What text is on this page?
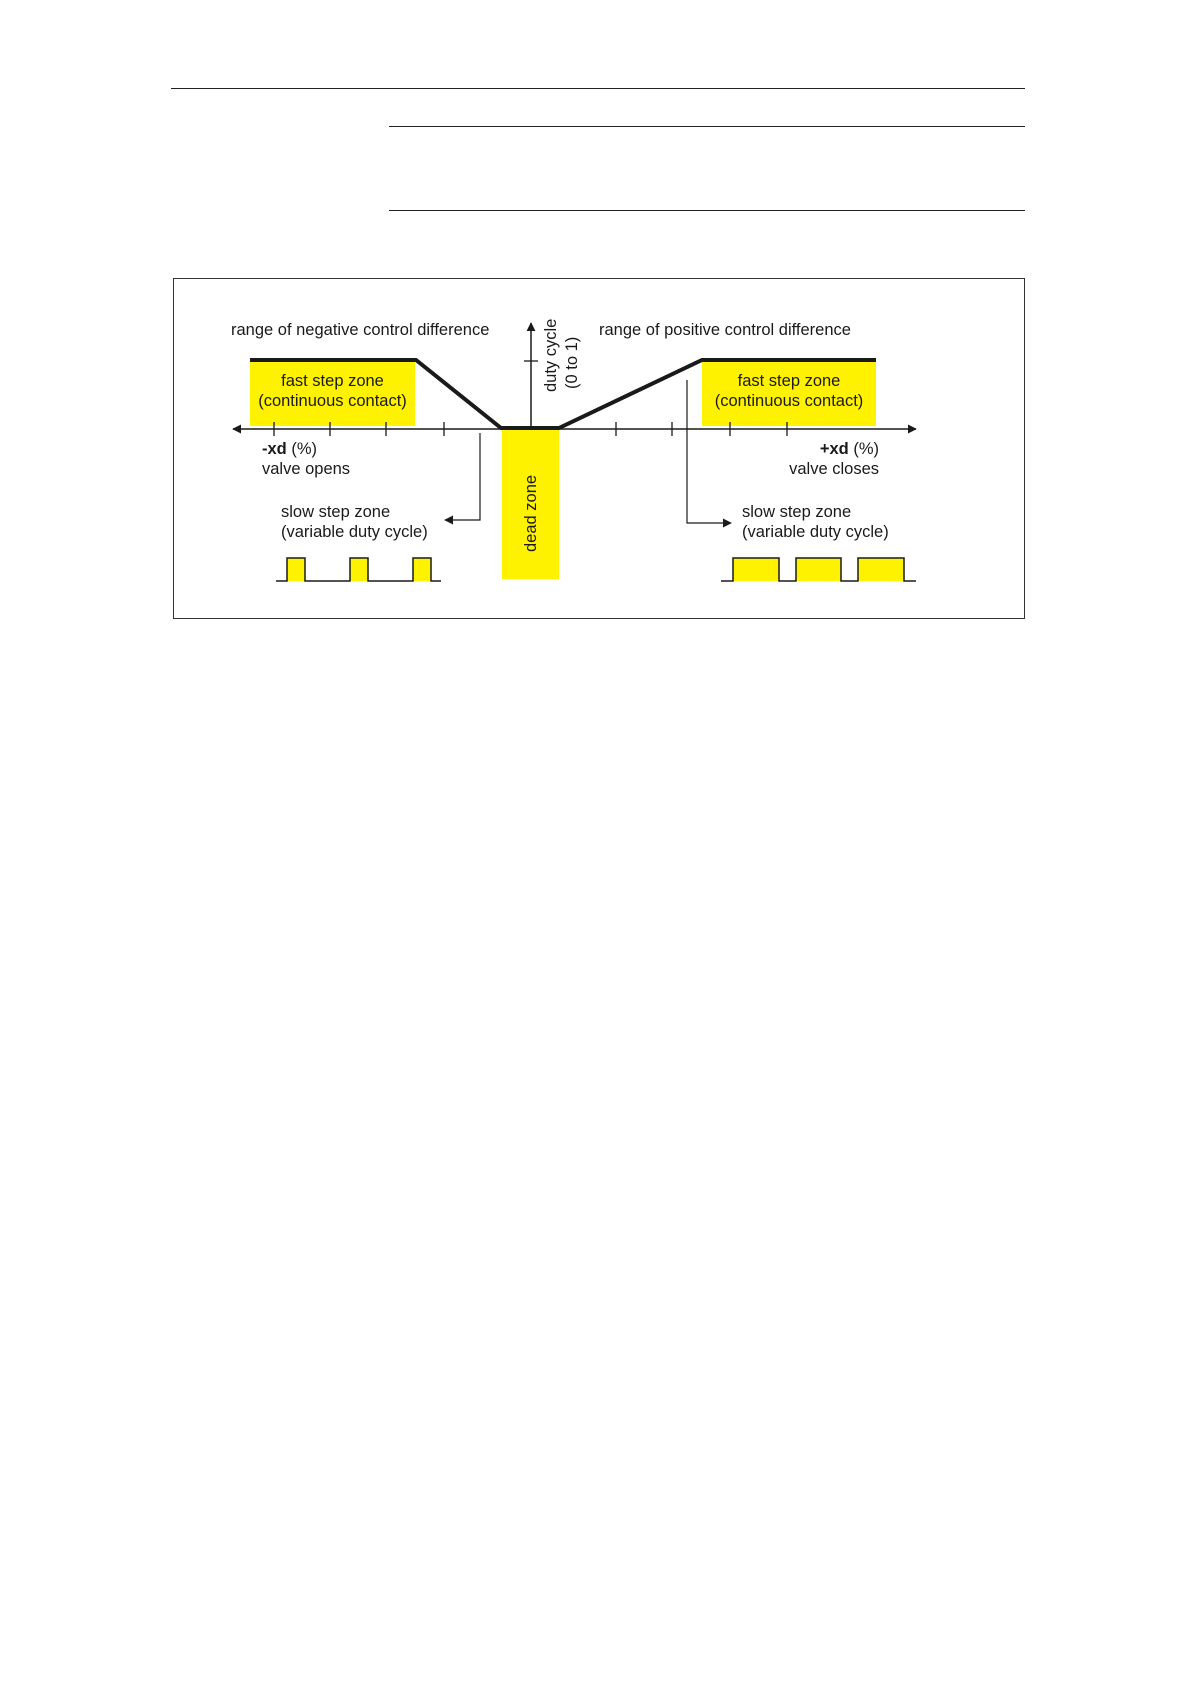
range of negative control difference	range of positive control difference
duty cycle (0 to 1)
fast step zone
(continuous contact)
fast step zone
(continuous contact)
-xd (%)
valve opens
+xd (%)
valve closes
slow step zone
(variable duty cycle)
slow step zone
(variable duty cycle)
dead zone
